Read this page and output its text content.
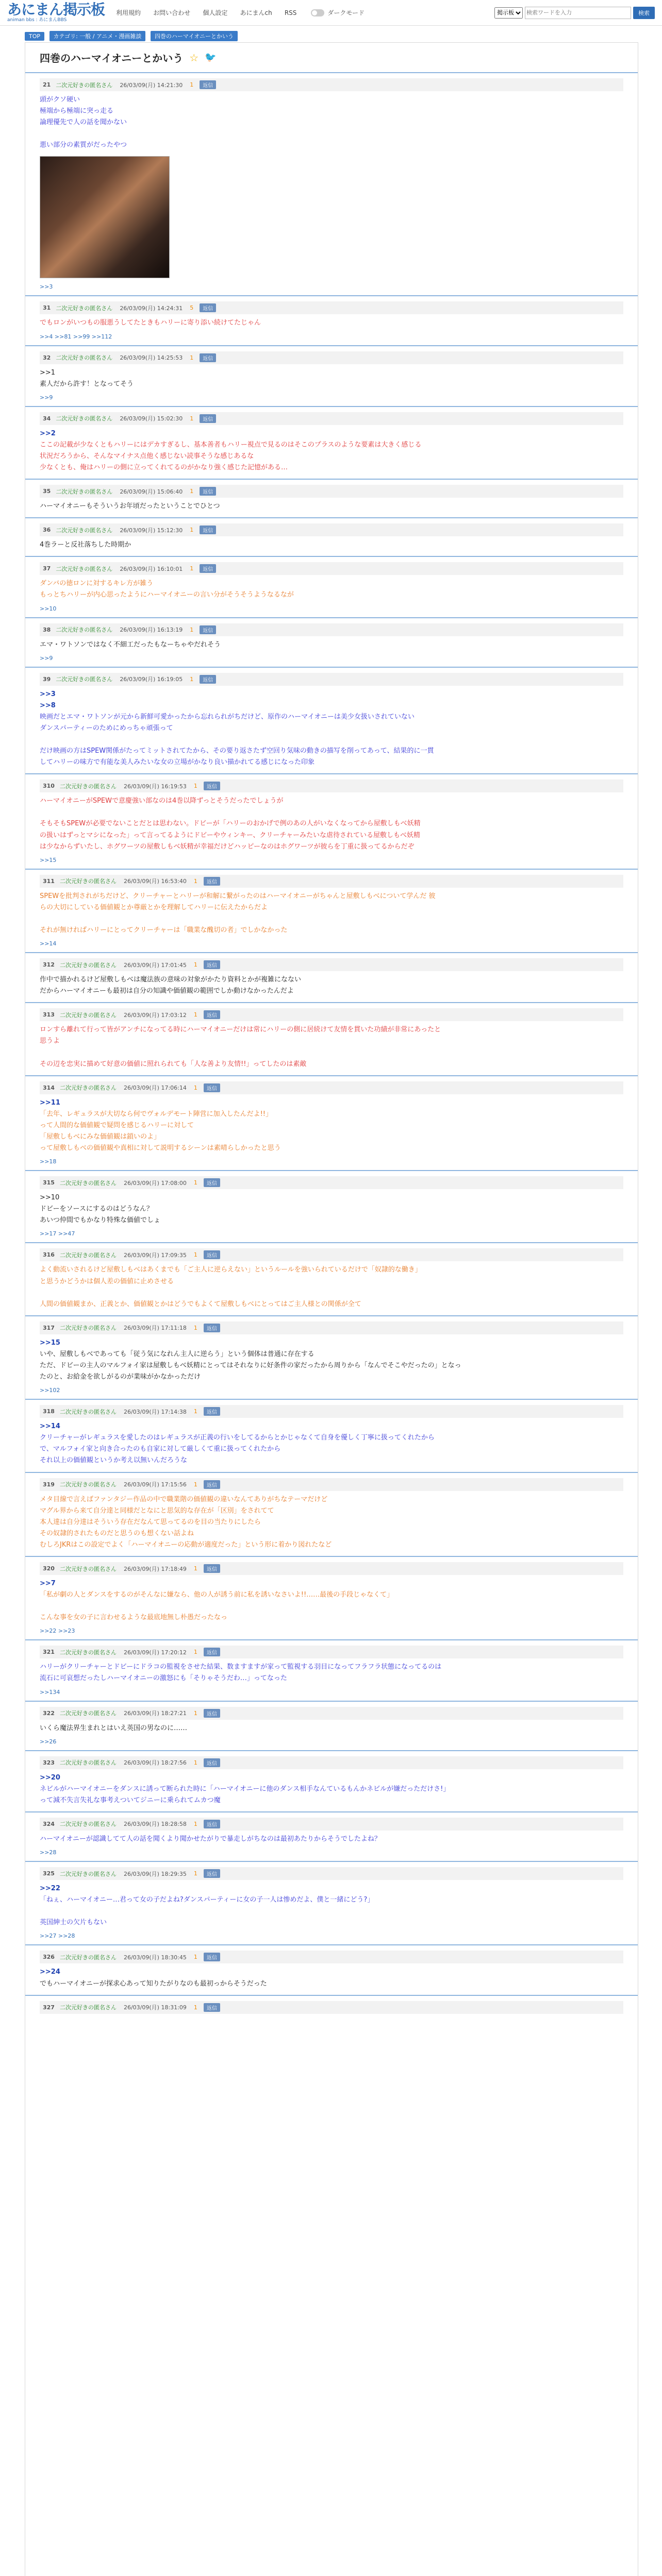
あにまん掲示板
animan bbs : あにまんBBS
利用規約 お問い合わせ 個人設定 あにまんch RSS	ダークモード
掲示板
検索ワードを入力	検索
TOP カテゴリ: 一般 / アニメ・漫画雑談 四巻のハーマイオニーとかいう
四巻のハーマイオニーとかいう ☆ 🐦
21 二次元好きの匿名さん 26/03/09(月) 14:21:30 1	返信
頭がクソ硬い
極端から極端に突っ走る
論理優先で人の話を聞かない

悪い部分の素質がだったやつ
>>3
31 二次元好きの匿名さん 26/03/09(月) 14:24:31 5	返信
でもロンがいつもの服悪うしてたときもハリーに寄り添い続けてたじゃん
>>4 >>81 >>99 >>112
32 二次元好きの匿名さん 26/03/09(月) 14:25:53 1	返信
>>1
素人だから許す！となってそう
>>9
34 二次元好きの匿名さん 26/03/09(月) 15:02:30 1	返信
>>2
ここの記載が少なくともハリーにはデカすぎるし、基本善者もハリー視点で見るのはそこのプラスのような要素は大きく感じる
状況だろうから、そんなマイナス点他く感じない読事そうな感じあるな
少なくとも、俺はハリーの側に立ってくれてるのがかなり強く感じた記憶がある…
35 二次元好きの匿名さん 26/03/09(月) 15:06:40 1	返信
ハーマイオニーもそういうお年頃だったということでひとつ
36 二次元好きの匿名さん 26/03/09(月) 15:12:30 1	返信
4巻ラーと反社落ちした時期か
37 二次元好きの匿名さん 26/03/09(月) 16:10:01 1	返信
ダンバの徳ロンに対するキレ方が雑う
もっとちハリーが内心思ったようにハーマイオニーの言い分がそうそうようなるなが
>>10
38 二次元好きの匿名さん 26/03/09(月) 16:13:19 1	返信
エマ・ワトソンではなく不細工だったもなーちゃやだれそう
>>9
39 二次元好きの匿名さん 26/03/09(月) 16:19:05 1	返信
>>3
>>8
映画だとエマ・ワトソンが元から新鮮可愛かったから忘れられがちだけど、原作のハーマイオニーは美少女扱いされていない
ダンスパーティーのためにめっちゃ頑張って

だけ映画の方はSPEW関係がたってミットされてたから、その要り返さたず空回り気味の動きの描写を削ってあって、結果的に一貫
してハリーの味方で有能な美人みたいな女の立場がかなり良い描かれてる感じになった印象
310 二次元好きの匿名さん 26/03/09(月) 16:19:53 1	返信
ハーマイオニーがSPEWで意慶強い部なのは4巻以降ずっとそうだったでしょうが

そもそもSPEWが必要でないことだとは思わない。ドビーが「ハリーのおかげで例のあの人がいなくなってから屋敷しもべ妖精
の扱いはずっとマシになった」って言ってるようにドビーやウィンキー、クリーチャーみたいな虐待されている屋敷しもべ妖精
は少なからずいたし、ホグワーツの屋敷しもべ妖精が幸福だけどハッピーなのはホグワーツが彼らを丁重に扱ってるからだぞ
>>15
311 二次元好きの匿名さん 26/03/09(月) 16:53:40 1	返信
SPEWを批判されがちだけど、クリーチャーとハリーが和解に繋がったのはハーマイオニーがちゃんと屋敷しもべについて学んだ 彼
らの大切にしている価値観とか尊厳とかを理解してハリーに伝えたからだよ

それが無ければハリーにとってクリーチャーは「職業な醜切の者」でしかなかった
>>14
312 二次元好きの匿名さん 26/03/09(月) 17:01:45 1	返信
作中で描かれるけど屋敷しもべは魔法族の意味の対象がかたり資料とかが複雑になない
だからハーマイオニーも最初は自分の知識や価値観の範囲でしか動けなかったんだよ
313 二次元好きの匿名さん 26/03/09(月) 17:03:12 1	返信
ロンすら離れて行って皆がアンチになってる時にハーマイオニーだけは常にハリーの側に居続けて友情を貫いた功績が非常にあったと
思うよ

その辺を忠実に描めて好意の価値に照れられても「人な善より友情!!」ってしたのは素敵
314 二次元好きの匿名さん 26/03/09(月) 17:06:14 1	返信
>>11
「去年、レギュラスが大切なら何でヴォルデモート陣営に加入したんだよ!!」
って人間的な価値観で疑問を感じるハリーに対して
「屋敷しもべにみな価値観は鎖いのよ」
って屋敷しもべの価値観や真相に対して説明するシーンは素晴らしかったと思う
>>18
315 二次元好きの匿名さん 26/03/09(月) 17:08:00 1	返信
>>10
ドビーをソースにするのはどうなん？
あいつ仲間でもかなり特殊な価値でしょ
>>17 >>47
316 二次元好きの匿名さん 26/03/09(月) 17:09:35 1	返信
よく動流いされるけど屋敷しもべはあくまでも「ご主人に逆らえない」というルールを強いられているだけで「奴隷的な働き」
と思うかどうかは個人差の価値に止めさせる

人間の価値観まか、正義とか、価値観とかはどうでもよくて屋敷しもべにとってはご主人様との関係が全て
317 二次元好きの匿名さん 26/03/09(月) 17:11:18 1	返信
>>15
いや、屋敷しもべであっても「従う気になれん主人に逆らう」という個体は普通に存在する
ただ、ドビーの主人のマルフォイ家は屋敷しもべ妖精にとってはそれなりに好条件の家だったから周りから「なんでそこやだったの」となっ
たのと、お給金を欲しがるのが業味がかなかっただけ
>>102
318 二次元好きの匿名さん 26/03/09(月) 17:14:38 1	返信
>>14
クリーチャーがレギュラスを愛したのはレギュラスが正義の行いをしてるからとかじゃなくて自身を優しく丁寧に扱ってくれたから
で、マルフォイ家と向き合ったのも自家に対して厳しくて重に扱ってくれたから
それ以上の価値観というか考え以無いんだろうな
319 二次元好きの匿名さん 26/03/09(月) 17:15:56 1	返信
メタ目線で言えばファンタジー作品の中で職業階の価値観の違いなんてありがちなテーマだけど
マグル界から来て自分達と同様だとなにと思気的な存在が「区別」をされてて
本人達は自分達はそういう存在だなんて思ってるのを目の当たりにしたら
その奴隷的されたものだと思うのも想くない話よね
むしろJKRはこの設定でよく「ハーマイオニーの応動が適度だった」という形に着かり図れたなど
320 二次元好きの匿名さん 26/03/09(月) 17:18:49 1	返信
>>7
「私が劇の人とダンスをするのがそんなに嫌なら、他の人が誘う前に私を誘いなさいよ!!……最後の手段じゃなくて」

こんな事を女の子に言わせるような最底地無し朴愚だったなっ
>>22 >>23
321 二次元好きの匿名さん 26/03/09(月) 17:20:12 1	返信
ハリーがクリーチャーとドビーにドラコの監視をさせた結果、数ますますが家って監視する羽目になってフラフラ状態になってるのは
流石に可哀想だったしハーマイオニーの激怒にも「そりゃそうだわ…」ってなった
>>134
322 二次元好きの匿名さん 26/03/09(月) 18:27:21 1	返信
いくら魔法界生まれとはいえ英国の男なのに……
>>26
323 二次元好きの匿名さん 26/03/09(月) 18:27:56 1	返信
>>20
ネビルがハーマイオニーをダンスに誘って断られた時に「ハーマイオニーに他のダンス相手なんているもんかネビルが嫌だっただけさ!」
って減不失言失礼な事考えついてジニーに乗られてムカつ魔
324 二次元好きの匿名さん 26/03/09(月) 18:28:58 1	返信
ハーマイオニーが認識してて人の話を聞くより聞かせたがりで暴走しがちなのは最初あたりからそうでしたよね？
>>28
325 二次元好きの匿名さん 26/03/09(月) 18:29:35 1	返信
>>22
「ねぇ、ハーマイオニー…君って女の子だよね?ダンスパーティーに女の子一人は惨めだよ、僕と一緒にどう?」

英国紳士の欠片もない
>>27 >>28
326 二次元好きの匿名さん 26/03/09(月) 18:30:45 1	返信
>>24
でもハーマイオニーが探求心あって知りたがりなのも最初っからそうだった
327 二次元好きの匿名さん 26/03/09(月) 18:31:09 1	返信
